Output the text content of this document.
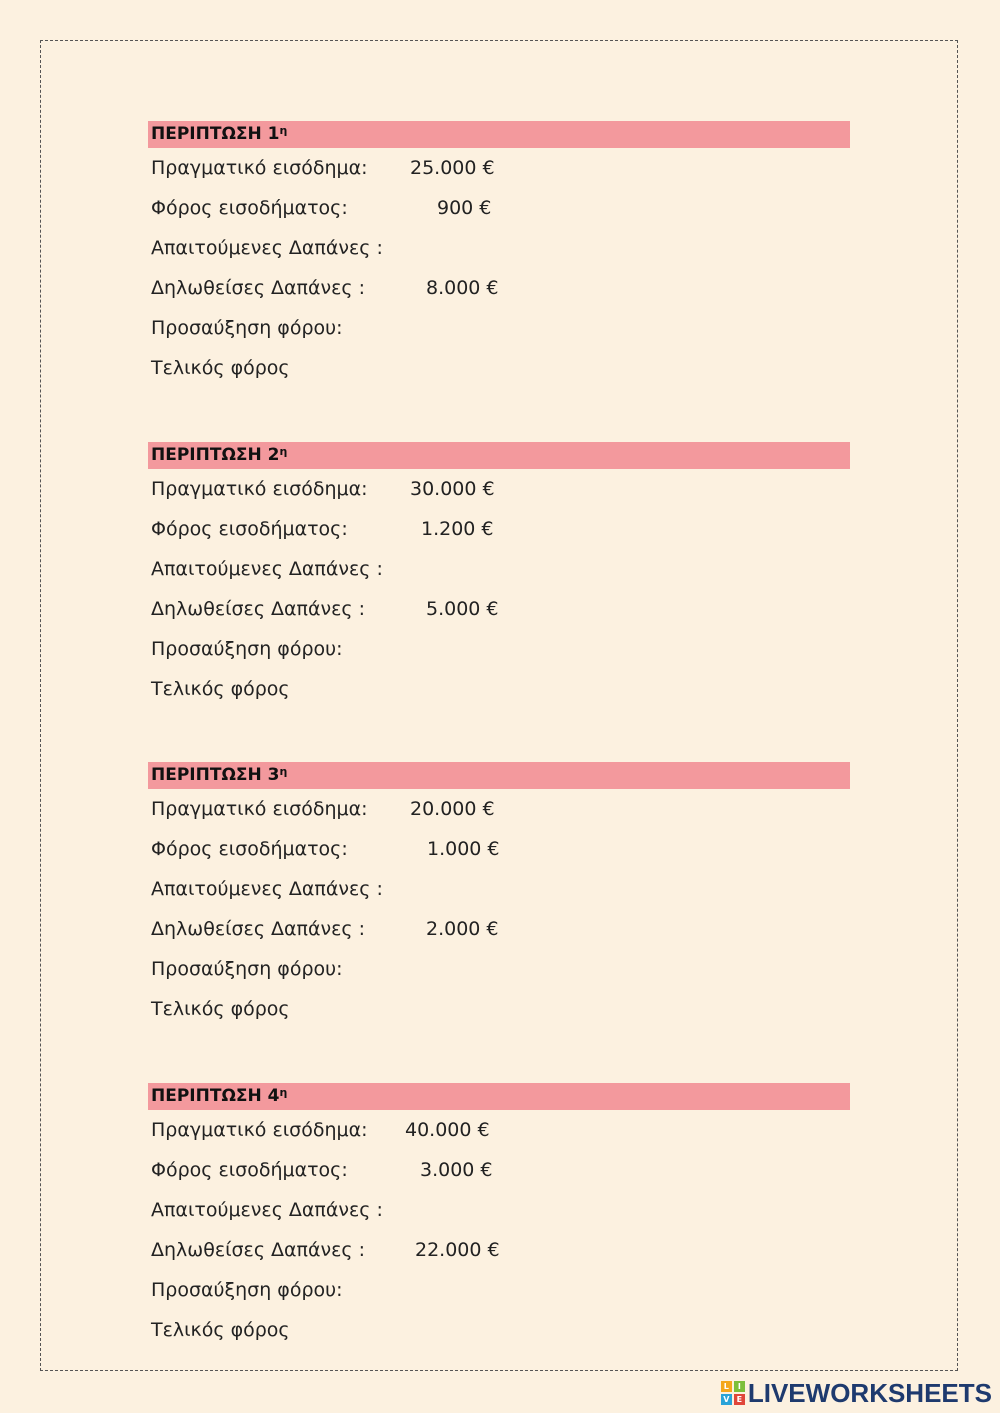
ΠΕΡΙΠΤΩΣΗ $1^\eta$
Πραγματικό εισόδημα: 25.000 €
Φόρος εισοδήματος:	900 €
Απαιτούμενες Δαπάνες :
Δηλωθείσες Δαπάνες :	8.000 €
Προσαύξηση φόρου:
Τελικός φόρος
ΠΕΡΙΠΤΩΣΗ $2^\eta$
Πραγματικό εισόδημα: 30.000 €
Φόρος εισοδήματος:	1.200 €
Απαιτούμενες Δαπάνες :
Δηλωθείσες Δαπάνες :	5.000 €
Προσαύξηση φόρου:
Τελικός φόρος
ΠΕΡΙΠΤΩΣΗ $3^\eta$
Πραγματικό εισόδημα: 20.000 €
Φόρος εισοδήματος:	1.000 €
Απαιτούμενες Δαπάνες :
Δηλωθείσες Δαπάνες :	2.000 €
Προσαύξηση φόρου:
Τελικός φόρος
ΠΕΡΙΠΤΩΣΗ $4^\eta$
Πραγματικό εισόδημα: 40.000 €
Φόρος εισοδήματος:	3.000 €
Απαιτούμενες Δαπάνες :
Δηλωθείσες Δαπάνες :	22.000 €
Προσαύξηση φόρου:
Τελικός φόρος
L	I
V E LIVEWORKSHEETS
